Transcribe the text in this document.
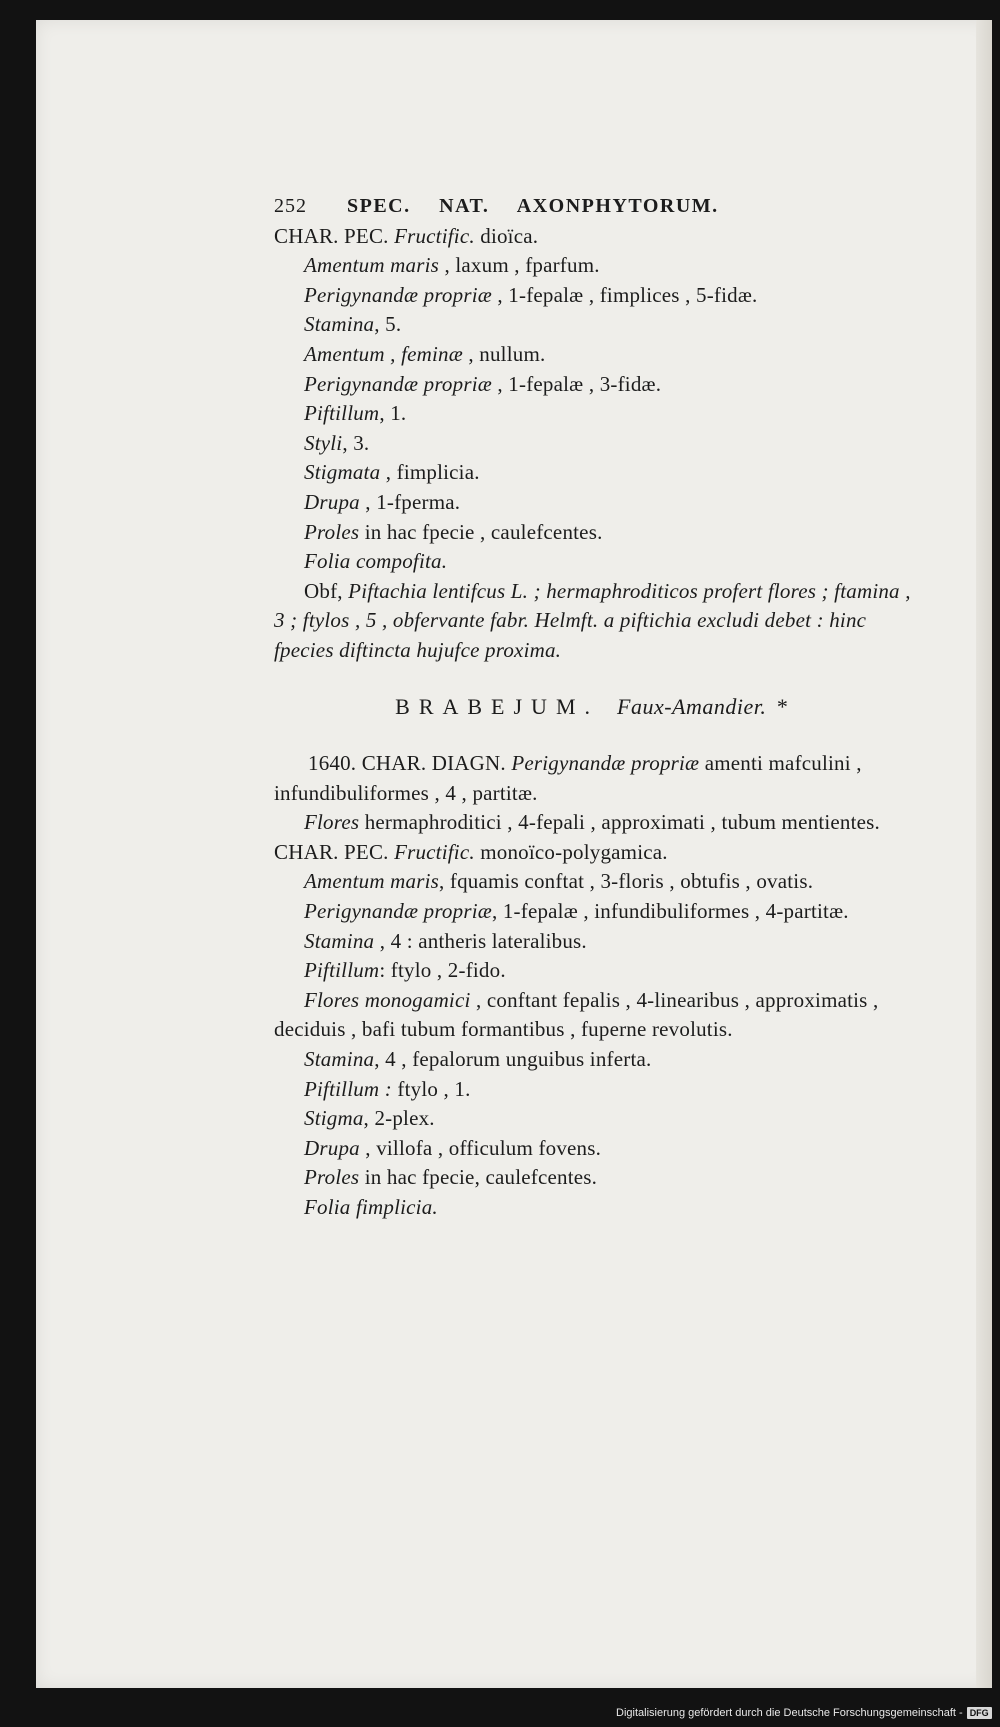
252 SPEC. NAT. AXONPHYTORUM.
CHAR. PEC. Fructific. dioïca.
Amentum maris , laxum , fparfum.
Perigynandæ propriæ , 1-fepalæ , fimplices , 5-fidæ.
Stamina, 5.
Amentum , feminæ , nullum.
Perigynandæ propriæ , 1-fepalæ , 3-fidæ.
Piftillum, 1.
Styli, 3.
Stigmata , fimplicia.
Drupa , 1-fperma.
Proles in hac fpecie , caulefcentes.
Folia compofita.
Obf, Piftachia lentifcus L. ; hermaphroditicos profert flores ; ftamina , 3 ; ftylos , 5 , obfervante fabr. Helmft. a piftichia excludi debet : hinc fpecies diftincta hujufce proxima.
BRABEJUM. Faux-Amandier. *
1640. CHAR. DIAGN. Perigynandæ propriæ amenti mafculini , infundibuliformes , 4 , partitæ.
Flores hermaphroditici , 4-fepali , approximati , tubum mentientes.
CHAR. PEC. Fructific. monoïco-polygamica.
Amentum maris, fquamis conftat , 3-floris , obtufis , ovatis.
Perigynandæ propriæ, 1-fepalæ , infundibuliformes , 4-partitæ.
Stamina , 4 : antheris lateralibus.
Piftillum: ftylo , 2-fido.
Flores monogamici , conftant fepalis , 4-linearibus , approximatis , deciduis , bafi tubum formantibus , fuperne revolutis.
Stamina, 4 , fepalorum unguibus inferta.
Piftillum : ftylo , 1.
Stigma, 2-plex.
Drupa , villofa , officulum fovens.
Proles in hac fpecie, caulefcentes.
Folia fimplicia.
Digitalisierung gefördert durch die Deutsche Forschungsgemeinschaft - DFG
